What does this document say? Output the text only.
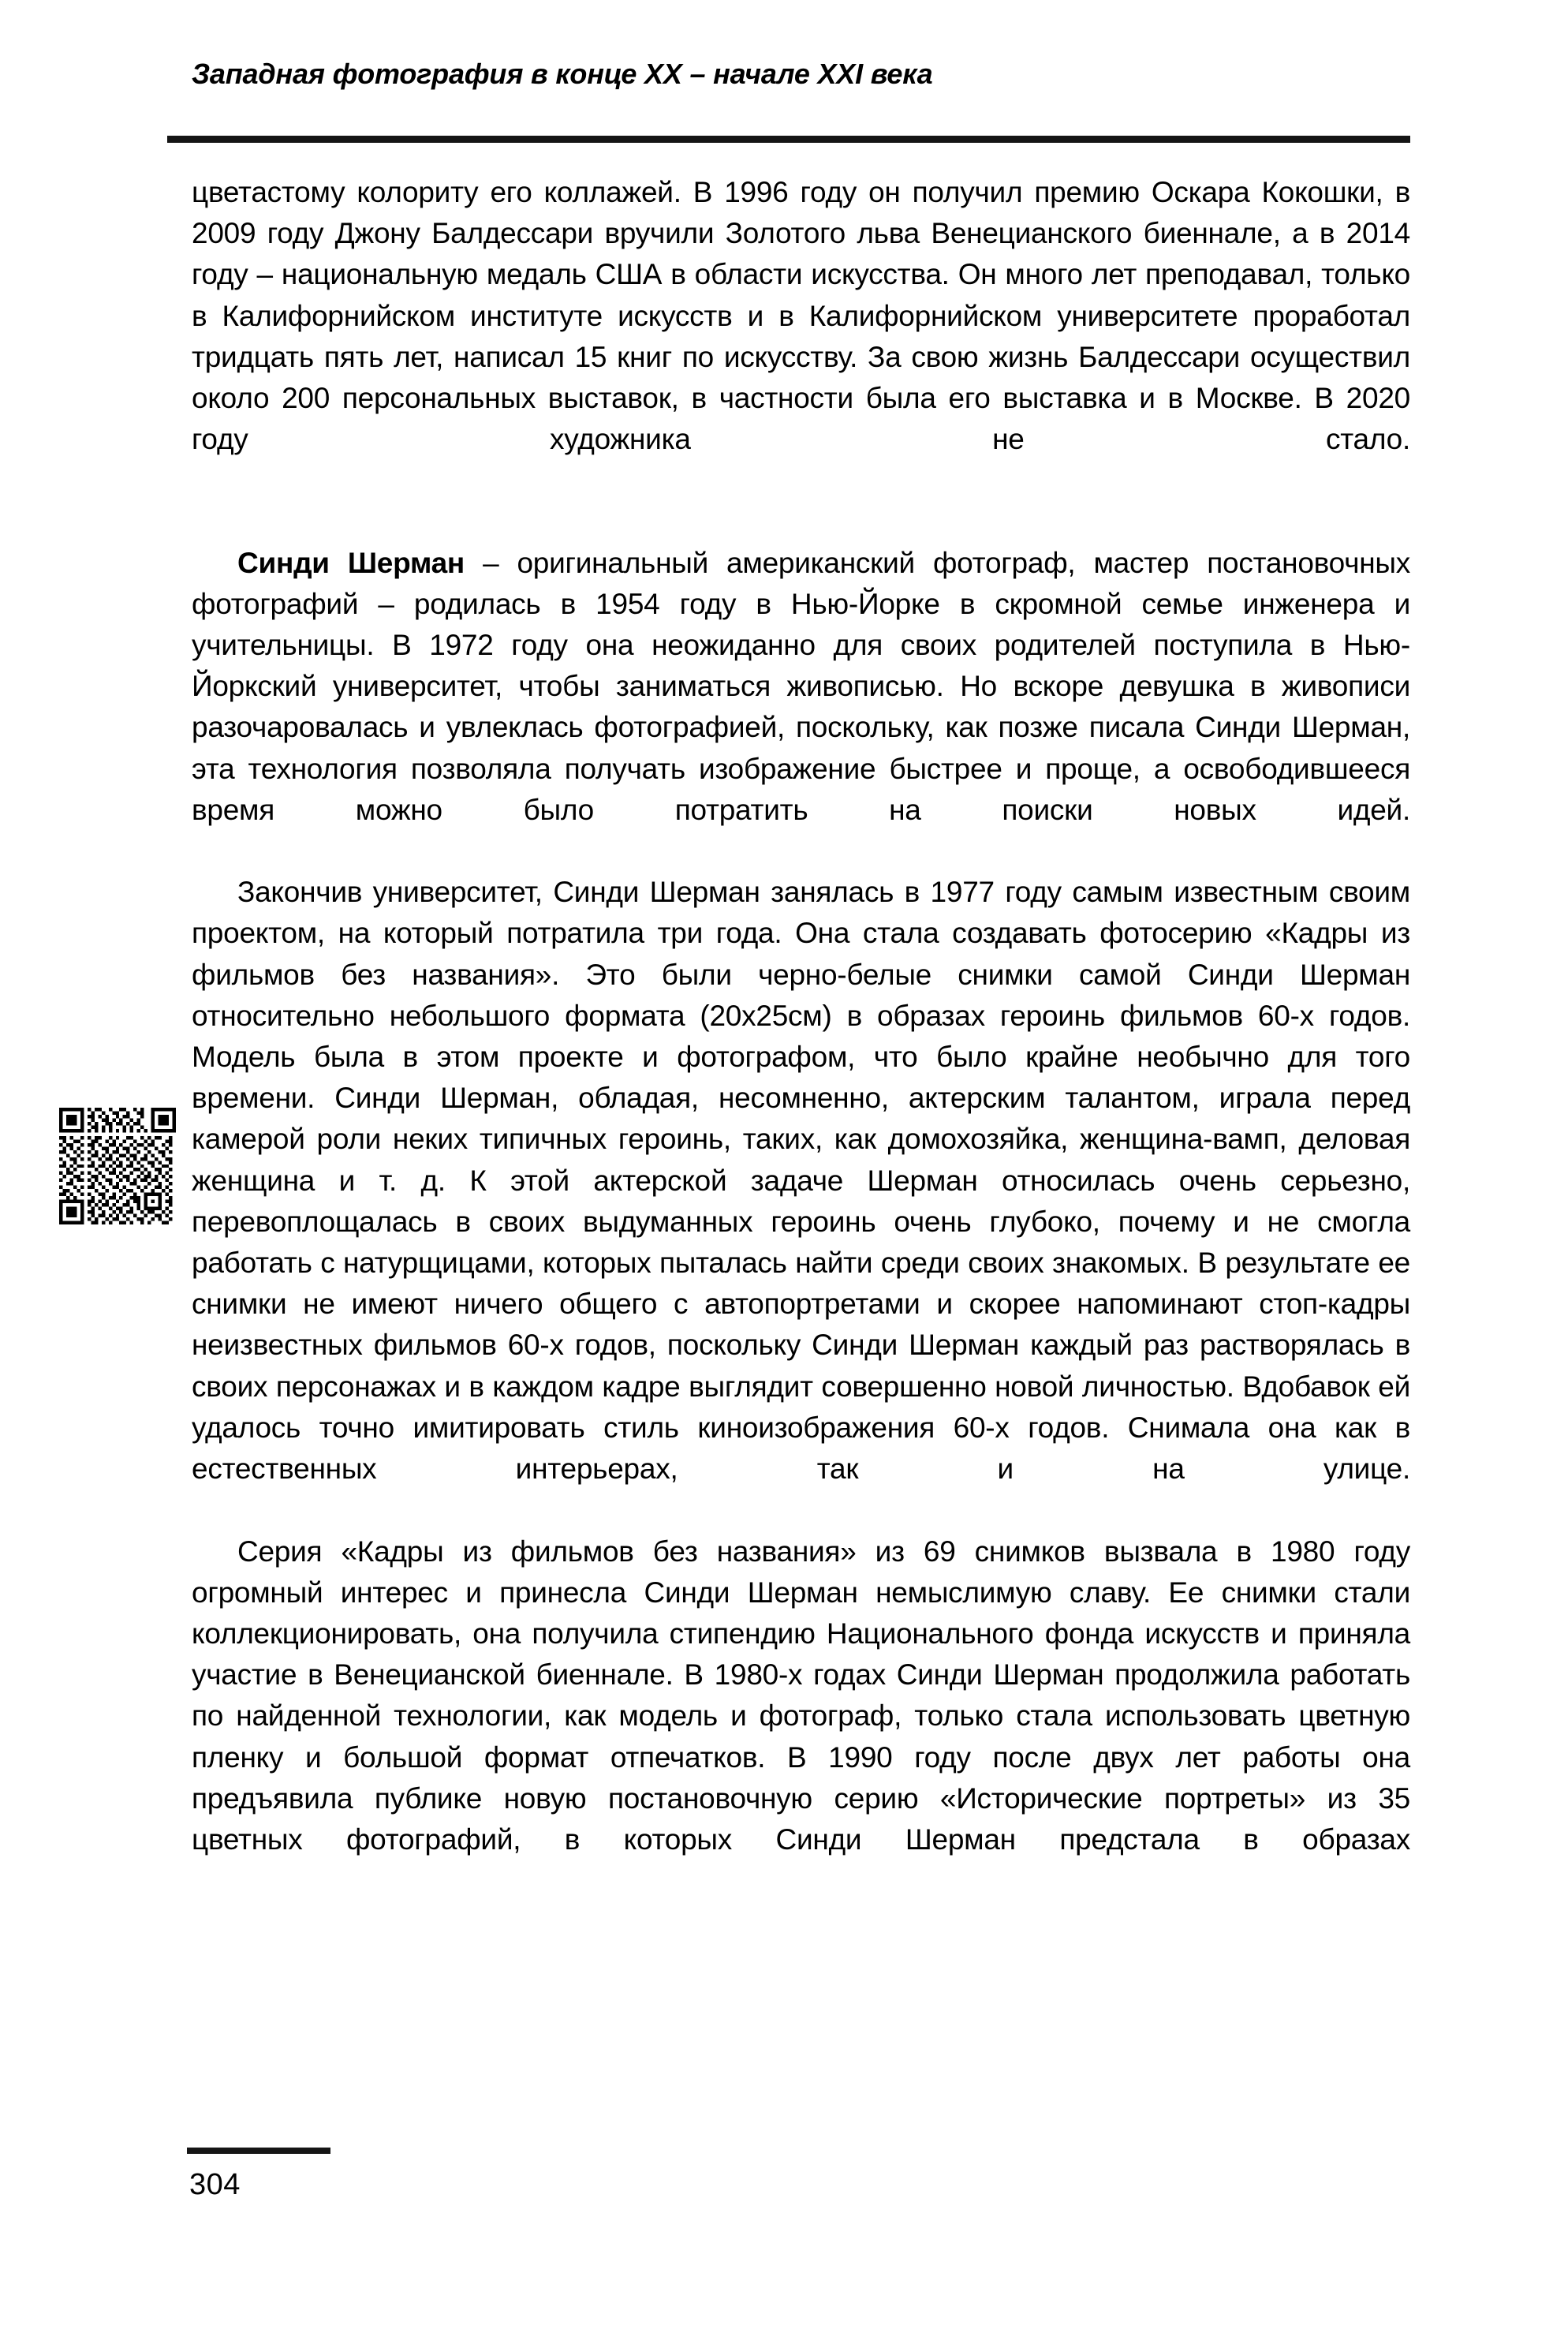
Западная фотография в конце XX – начале XXI века

цветастому колориту его коллажей. В 1996 году он получил премию Оскара Кокошки, в 2009 году Джону Балдессари вручили Золотого льва Венецианского биеннале, а в 2014 году – национальную медаль США в области искусства. Он много лет преподавал, только в Калифорнийском институте искусств и в Калифорнийском университете проработал тридцать пять лет, написал 15 книг по искусству. За свою жизнь Балдессари осуществил около 200 персональных выставок, в частности была его выставка и в Москве. В 2020 году художника не стало.

Синди Шерман – оригинальный американский фотограф, мастер постановочных фотографий – родилась в 1954 году в Нью-Йорке в скромной семье инженера и учительницы. В 1972 году она неожиданно для своих родителей поступила в Нью-Йоркский университет, чтобы заниматься живописью. Но вскоре девушка в живописи разочаровалась и увлеклась фотографией, поскольку, как позже писала Синди Шерман, эта технология позволяла получать изображение быстрее и проще, а освободившееся время можно было потратить на поиски новых идей.

Закончив университет, Синди Шерман занялась в 1977 году самым известным своим проектом, на который потратила три года. Она стала создавать фотосерию «Кадры из фильмов без названия». Это были черно-белые снимки самой Синди Шерман относительно небольшого формата (20x25см) в образах героинь фильмов 60-х годов. Модель была в этом проекте и фотографом, что было крайне необычно для того времени. Синди Шерман, обладая, несомненно, актерским талантом, играла перед камерой роли неких типичных героинь, таких, как домохозяйка, женщина-вамп, деловая женщина и т. д. К этой актерской задаче Шерман относилась очень серьезно, перевоплощалась в своих выдуманных героинь очень глубоко, почему и не смогла работать с натурщицами, которых пыталась найти среди своих знакомых. В результате ее снимки не имеют ничего общего с автопортретами и скорее напоминают стоп-кадры неизвестных фильмов 60-х годов, поскольку Синди Шерман каждый раз растворялась в своих персонажах и в каждом кадре выглядит совершенно новой личностью. Вдобавок ей удалось точно имитировать стиль киноизображения 60-х годов. Снимала она как в естественных интерьерах, так и на улице.

Серия «Кадры из фильмов без названия» из 69 снимков вызвала в 1980 году огромный интерес и принесла Синди Шерман немыслимую славу. Ее снимки стали коллекционировать, она получила стипендию Национального фонда искусств и приняла участие в Венецианской биеннале. В 1980-х годах Синди Шерман продолжила работать по найденной технологии, как модель и фотограф, только стала использовать цветную пленку и большой формат отпечатков. В 1990 году после двух лет работы она предъявила публике новую постановочную серию «Исторические портреты» из 35 цветных фотографий, в которых Синди Шерман предстала в образах

304
